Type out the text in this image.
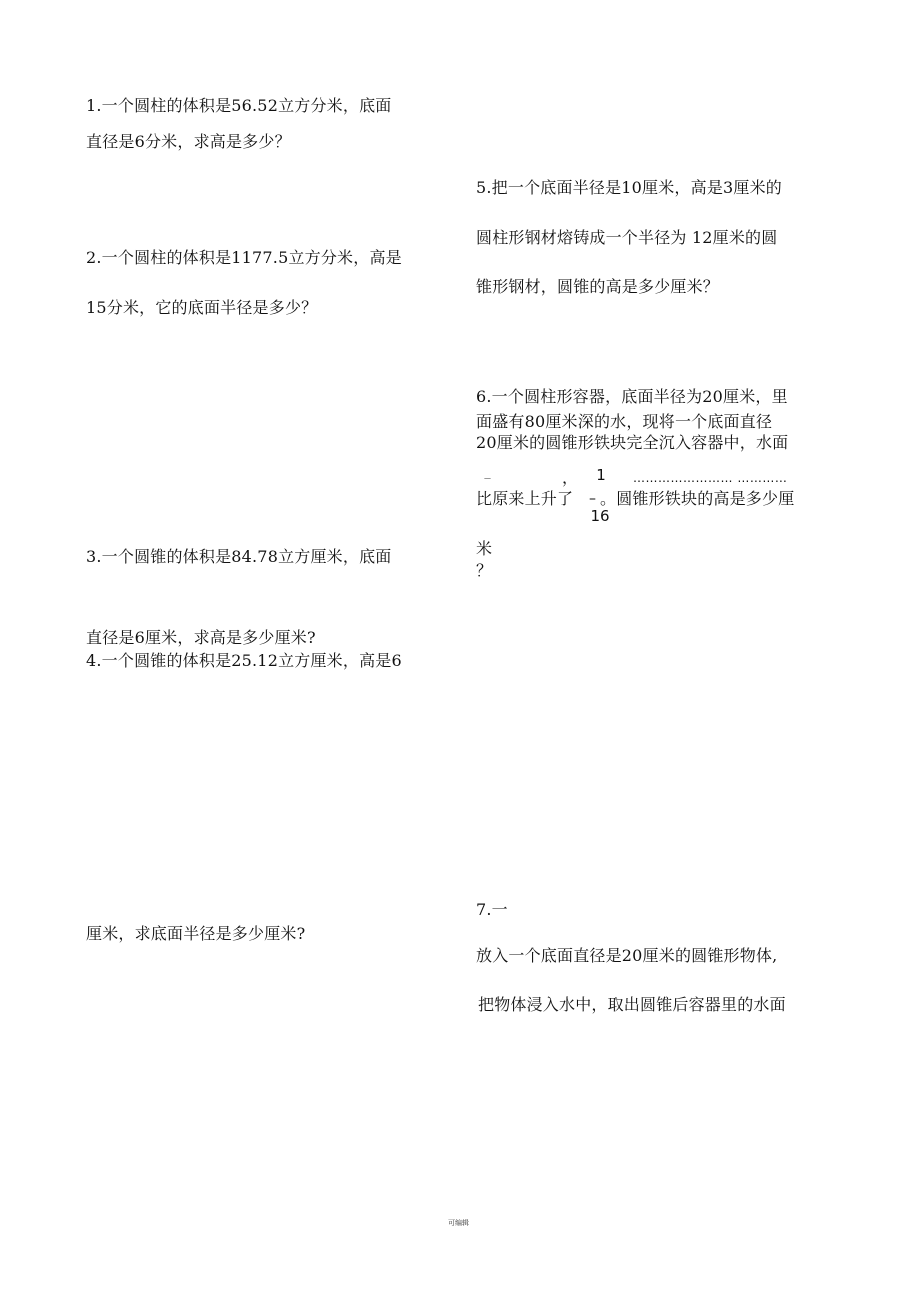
1.一个圆柱的体积是56.52立方分米，底面
直径是6分米，求高是多少？
2.一个圆柱的体积是1177.5立方分米，高是
15分米，它的底面半径是多少？
3.一个圆锥的体积是84.78立方厘米，底面
直径是6厘米，求高是多少厘米?
4.一个圆锥的体积是25.12立方厘米，高是6
厘米，求底面半径是多少厘米?
5.把一个底面半径是10厘米，高是3厘米的
圆柱形钢材熔铸成一个半径为 12厘米的圆
锥形钢材，圆锥的高是多少厘米？
6.一个圆柱形容器，底面半径为20厘米，里
面盛有80厘米深的水，现将一个底面直径
20厘米的圆锥形铁块完全沉入容器中，水面
—	，	…………………… …………
1
16
比原来上升了 – 。圆锥形铁块的高是多少厘
米
？
7.一
放入一个底面直径是20厘米的圆锥形物体,
把物体浸入水中，取出圆锥后容器里的水面
可编辑
